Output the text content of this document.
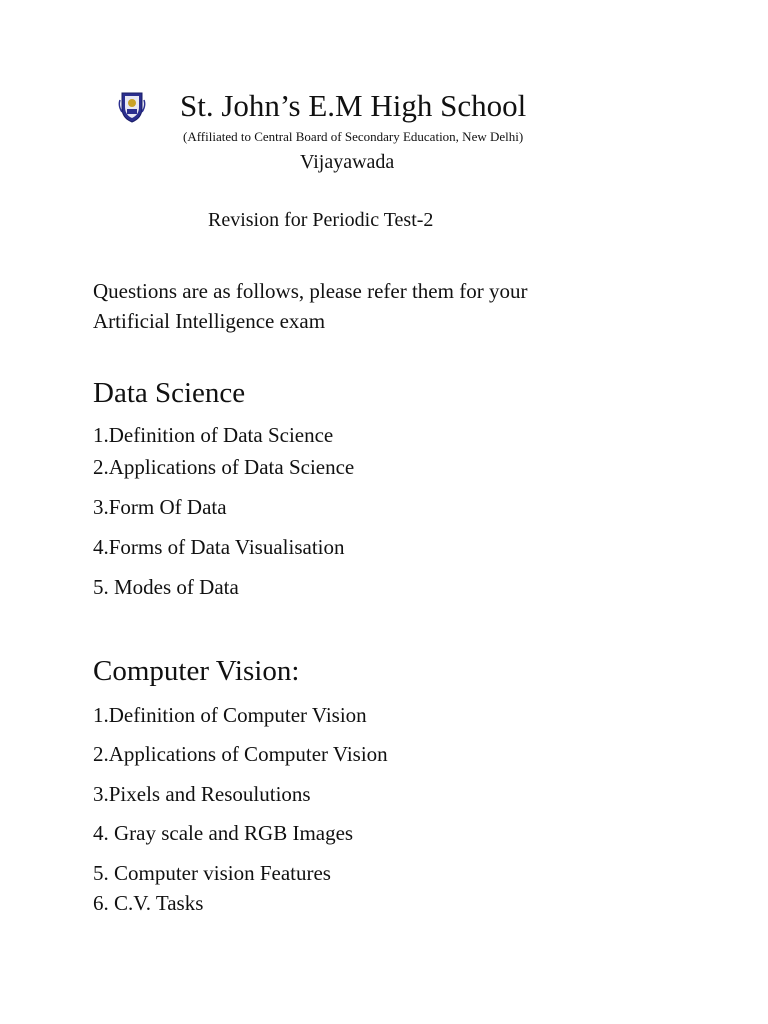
St. John’s E.M High School
(Affiliated to Central Board of Secondary Education, New Delhi)
Vijayawada
Revision for Periodic Test-2
Questions are as follows, please refer them for your
Artificial Intelligence exam
Data Science
1.Definition of Data Science
2.Applications of Data Science
3.Form Of Data
4.Forms of Data Visualisation
5. Modes of Data
Computer Vision:
1.Definition of Computer Vision
2.Applications of Computer Vision
3.Pixels and Resoulutions
4. Gray scale and RGB Images
5. Computer vision Features
6. C.V. Tasks
